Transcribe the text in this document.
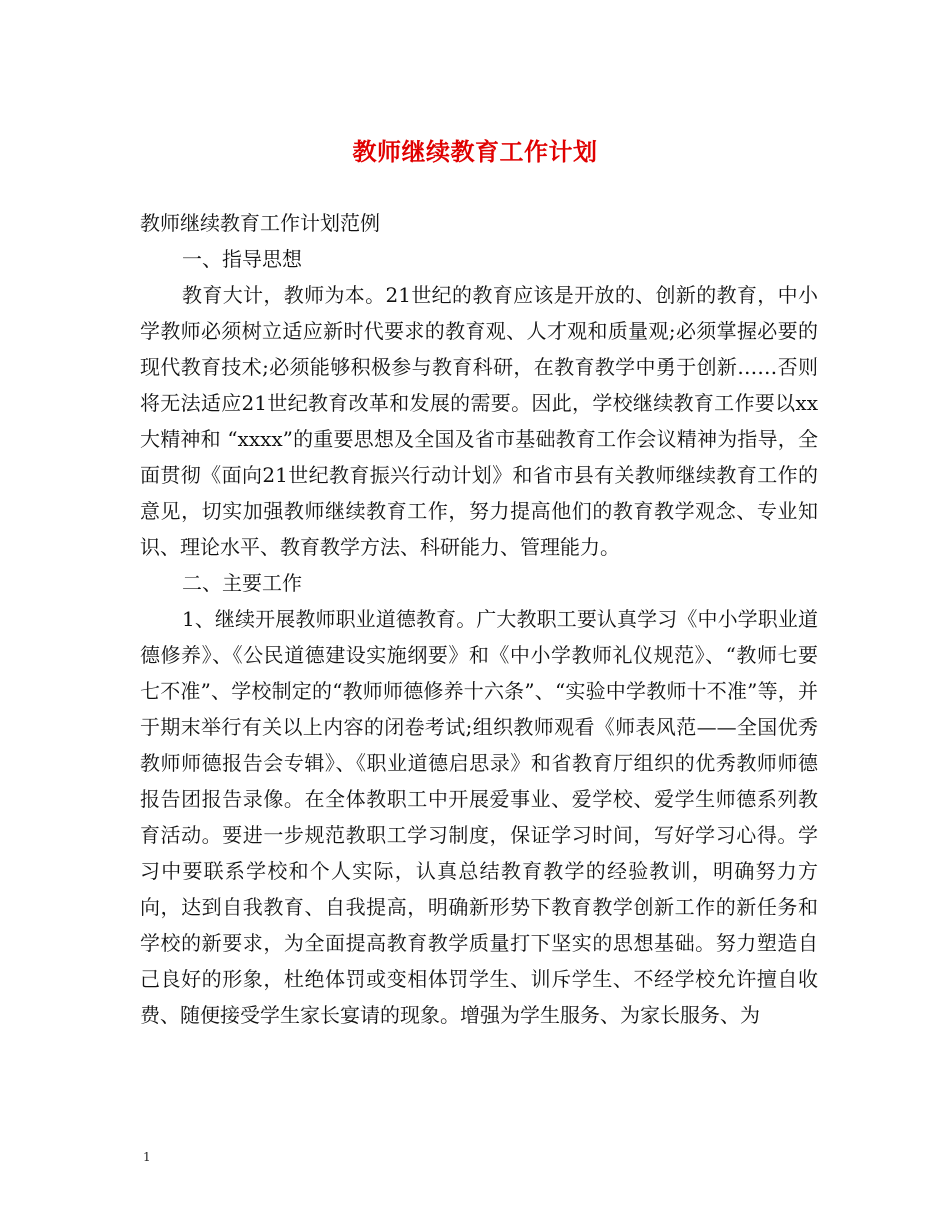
教师继续教育工作计划

教师继续教育工作计划范例

一、指导思想

教育大计，教师为本。21世纪的教育应该是开放的、创新的教育，中小学教师必须树立适应新时代要求的教育观、人才观和质量观;必须掌握必要的现代教育技术;必须能够积极参与教育科研，在教育教学中勇于创新……否则将无法适应21世纪教育改革和发展的需要。因此，学校继续教育工作要以xx大精神和 “xxxx”的重要思想及全国及省市基础教育工作会议精神为指导，全面贯彻《面向21世纪教育振兴行动计划》和省市县有关教师继续教育工作的意见，切实加强教师继续教育工作，努力提高他们的教育教学观念、专业知识、理论水平、教育教学方法、科研能力、管理能力。

二、主要工作

1、继续开展教师职业道德教育。广大教职工要认真学习《中小学职业道德修养》、《公民道德建设实施纲要》和《中小学教师礼仪规范》、“教师七要七不准”、学校制定的“教师师德修养十六条”、“实验中学教师十不准”等，并于期末举行有关以上内容的闭卷考试;组织教师观看《师表风范——全国优秀教师师德报告会专辑》、《职业道德启思录》和省教育厅组织的优秀教师师德报告团报告录像。在全体教职工中开展爱事业、爱学校、爱学生师德系列教育活动。要进一步规范教职工学习制度，保证学习时间，写好学习心得。学习中要联系学校和个人实际，认真总结教育教学的经验教训，明确努力方向，达到自我教育、自我提高，明确新形势下教育教学创新工作的新任务和学校的新要求，为全面提高教育教学质量打下坚实的思想基础。努力塑造自己良好的形象，杜绝体罚或变相体罚学生、训斥学生、不经学校允许擅自收费、随便接受学生家长宴请的现象。增强为学生服务、为家长服务、为

1
